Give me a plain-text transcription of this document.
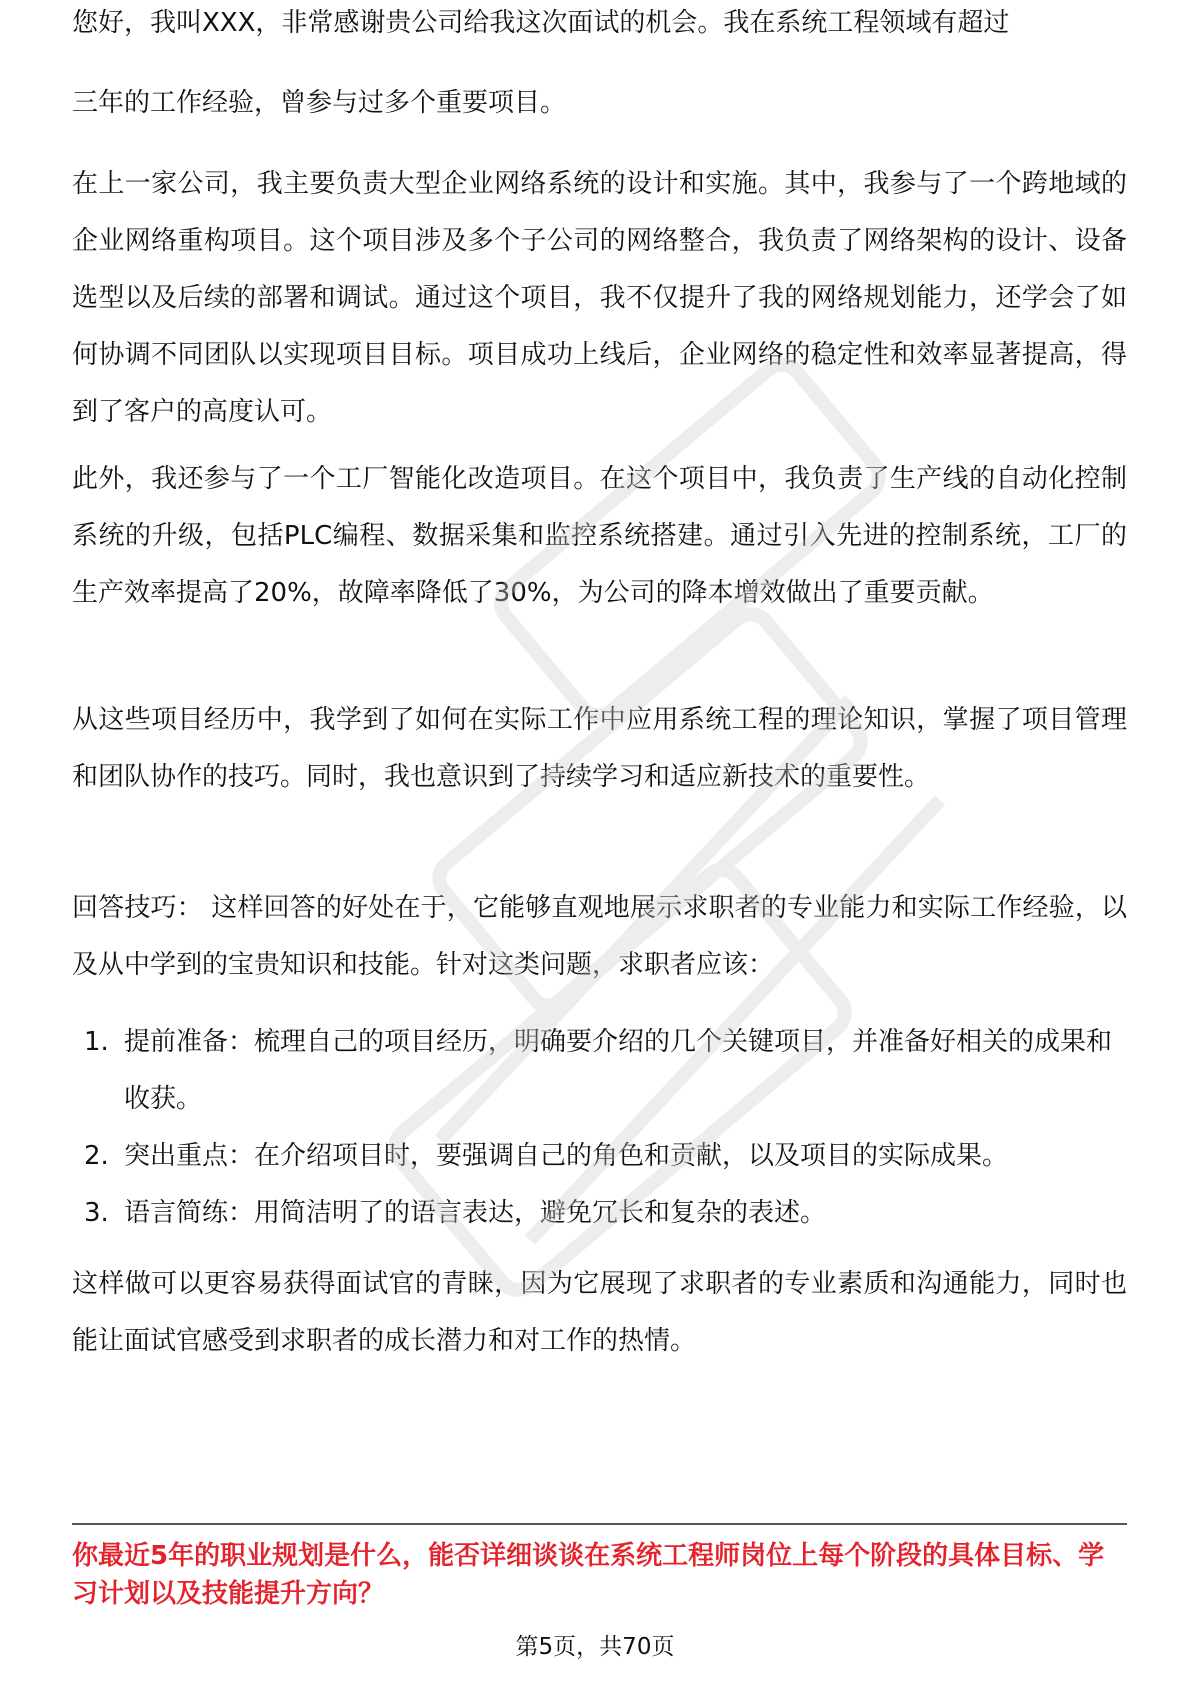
您好，我叫XXX，非常感谢贵公司给我这次面试的机会。我在系统工程领域有超过

三年的工作经验，曾参与过多个重要项目。

在上一家公司，我主要负责大型企业网络系统的设计和实施。其中，我参与了一个跨地域的企业网络重构项目。这个项目涉及多个子公司的网络整合，我负责了网络架构的设计、设备选型以及后续的部署和调试。通过这个项目，我不仅提升了我的网络规划能力，还学会了如何协调不同团队以实现项目目标。项目成功上线后，企业网络的稳定性和效率显著提高，得到了客户的高度认可。

此外，我还参与了一个工厂智能化改造项目。在这个项目中，我负责了生产线的自动化控制系统的升级，包括PLC编程、数据采集和监控系统搭建。通过引入先进的控制系统，工厂的生产效率提高了20%，故障率降低了30%，为公司的降本增效做出了重要贡献。

从这些项目经历中，我学到了如何在实际工作中应用系统工程的理论知识，掌握了项目管理和团队协作的技巧。同时，我也意识到了持续学习和适应新技术的重要性。

回答技巧： 这样回答的好处在于，它能够直观地展示求职者的专业能力和实际工作经验，以及从中学到的宝贵知识和技能。针对这类问题，求职者应该：

1. 提前准备：梳理自己的项目经历，明确要介绍的几个关键项目，并准备好相关的成果和收获。
2. 突出重点：在介绍项目时，要强调自己的角色和贡献，以及项目的实际成果。
3. 语言简练：用简洁明了的语言表达，避免冗长和复杂的表述。

这样做可以更容易获得面试官的青睐，因为它展现了求职者的专业素质和沟通能力，同时也能让面试官感受到求职者的成长潜力和对工作的热情。

你最近5年的职业规划是什么，能否详细谈谈在系统工程师岗位上每个阶段的具体目标、学习计划以及技能提升方向？

第5页，共70页
